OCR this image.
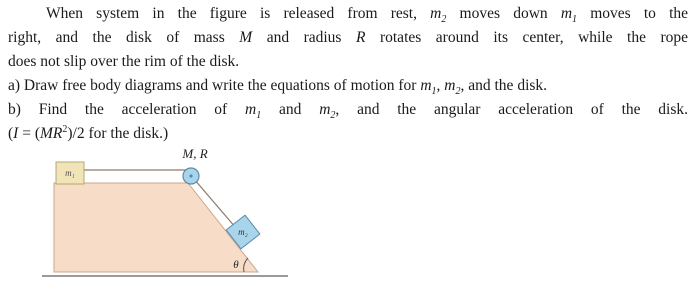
When system in the figure is released from rest, $m_2$ moves down $m_1$ moves to the
right, and the disk of mass M and radius R rotates around its center, while the rope
does not slip over the rim of the disk.
a) Draw free body diagrams and write the equations of motion for $m_1$, $m_2$, and the disk.
b) Find the acceleration of $m_1$ and $m_2$, and the angular acceleration of the disk.
($I = (MR^2)/2$ for the disk.)
m₁
M, R
m₂
θ
